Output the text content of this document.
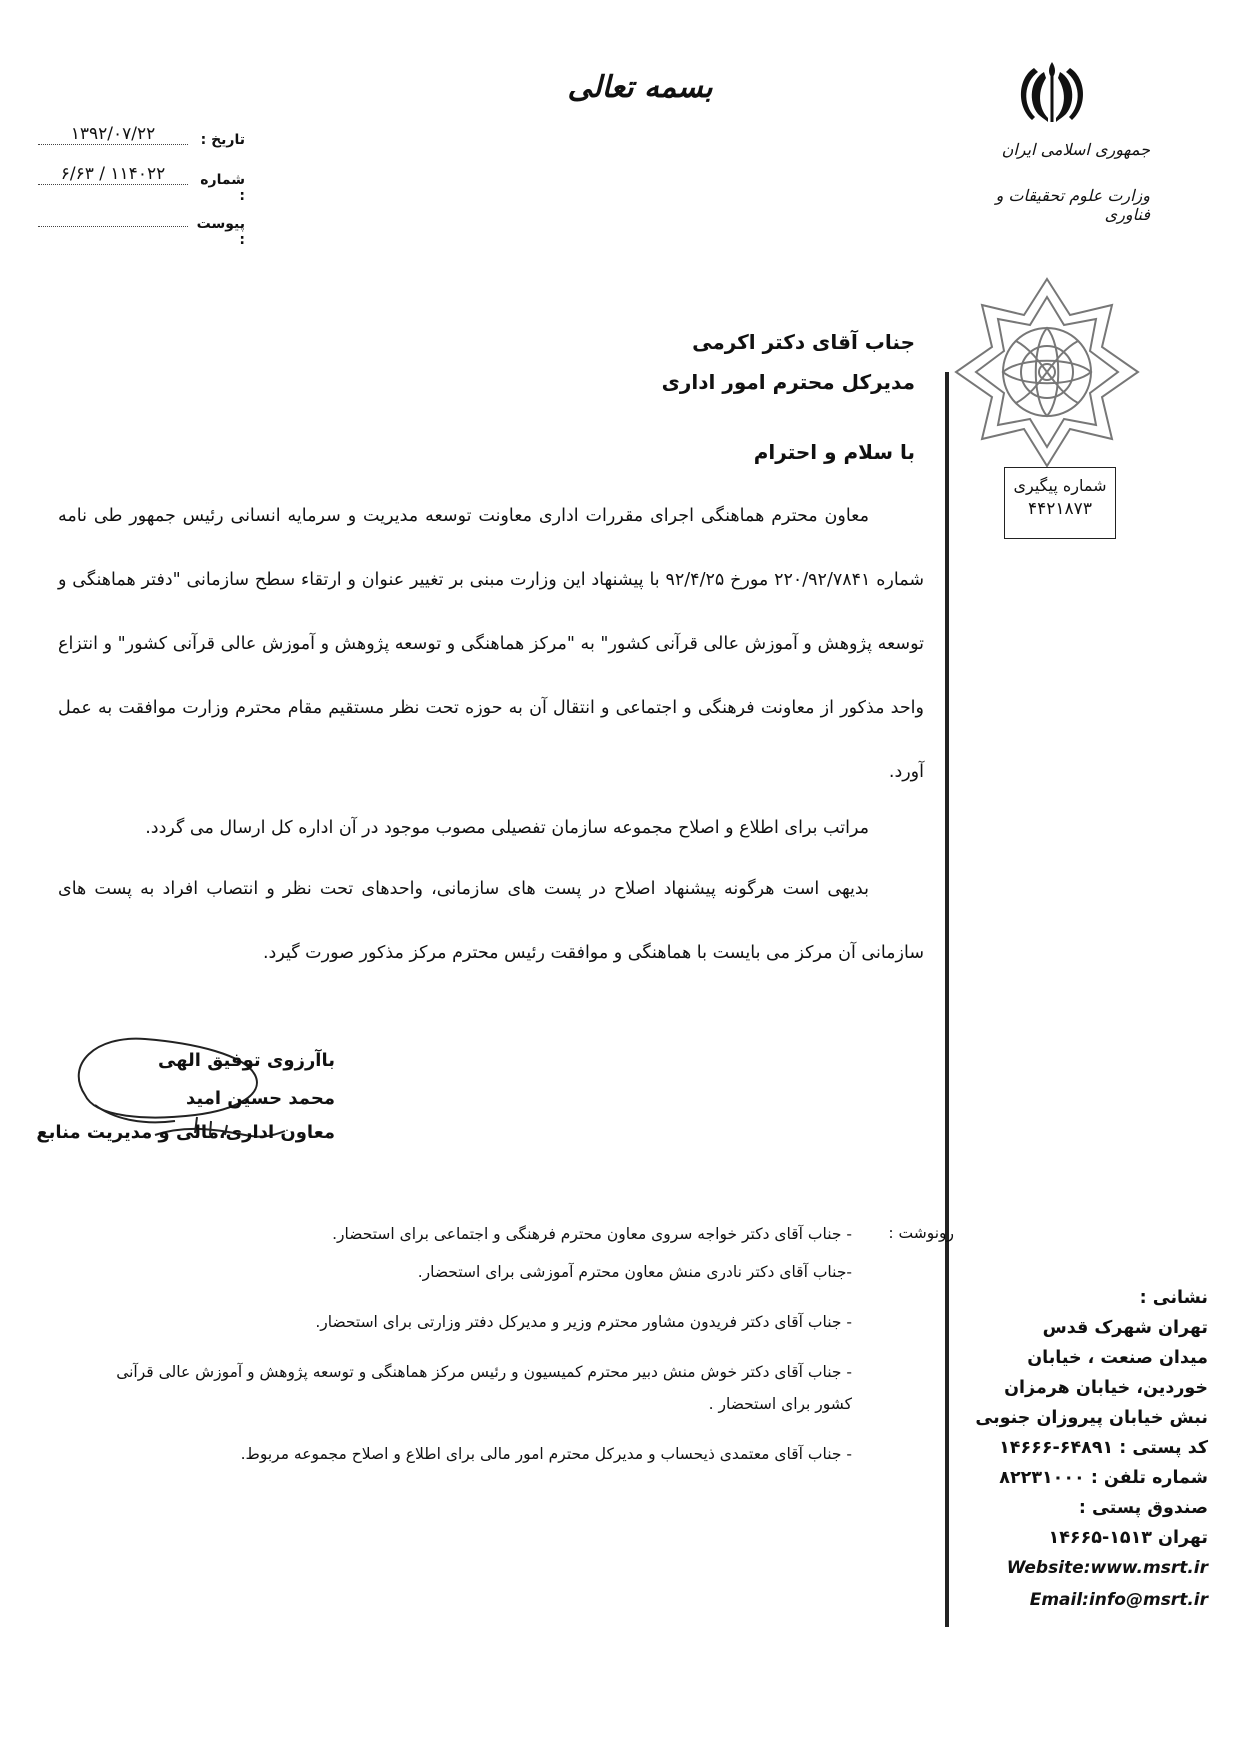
بسمه تعالی
جمهوری اسلامی ایران
وزارت علوم تحقیقات و فناوری
تاریخ :
۱۳۹۲/۰۷/۲۲
شماره :
۶/۶۳ / ۱۱۴۰۲۲
پیوست :
شماره پیگیری
۴۴۲۱۸۷۳
جناب آقای دکتر اکرمی
مدیرکل محترم امور اداری
با سلام و احترام
معاون محترم هماهنگی اجرای مقررات اداری معاونت توسعه مدیریت و سرمایه انسانی رئیس جمهور طی نامه شماره ۲۲۰/۹۲/۷۸۴۱ مورخ ۹۲/۴/۲۵ با پیشنهاد این وزارت مبنی بر تغییر عنوان و ارتقاء سطح سازمانی "دفتر هماهنگی و توسعه پژوهش و آموزش عالی قرآنی کشور" به "مرکز هماهنگی و توسعه پژوهش و آموزش عالی قرآنی کشور" و انتزاع واحد مذکور از معاونت فرهنگی و اجتماعی و انتقال آن به حوزه تحت نظر مستقیم مقام محترم وزارت موافقت به عمل آورد.
مراتب برای اطلاع و اصلاح مجموعه سازمان تفصیلی مصوب موجود در آن اداره کل ارسال می گردد.
بدیهی است هرگونه پیشنهاد اصلاح در پست های سازمانی، واحدهای تحت نظر و انتصاب افراد به پست های سازمانی آن مرکز می بایست با هماهنگی و موافقت رئیس محترم مرکز مذکور صورت گیرد.
باآرزوی توفیق الهی
محمد حسین امید
معاون اداری،مالی و مدیریت منابع
رونوشت :
- جناب آقای دکتر خواجه سروی معاون محترم فرهنگی و اجتماعی برای استحضار.
-جناب آقای دکتر نادری منش معاون محترم آموزشی برای استحضار.
- جناب آقای دکتر فریدون مشاور محترم وزیر و مدیرکل دفتر وزارتی برای استحضار.
- جناب آقای دکتر خوش منش دبیر محترم کمیسیون و رئیس مرکز هماهنگی و توسعه پژوهش و آموزش عالی قرآنی کشور برای استحضار .
- جناب آقای معتمدی ذیحساب و مدیرکل محترم امور مالی برای اطلاع و اصلاح مجموعه مربوط.
نشانی :
تهران شهرک قدس
میدان صنعت ، خیابان
خوردین، خیابان هرمزان
نبش خیابان پیروزان جنوبی
کد پستی : ۶۴۸۹۱-۱۴۶۶۶
شماره تلفن : ۸۲۲۳۱۰۰۰
صندوق پستی :
تهران ۱۵۱۳-۱۴۶۶۵
Website:www.msrt.ir
Email:info@msrt.ir
